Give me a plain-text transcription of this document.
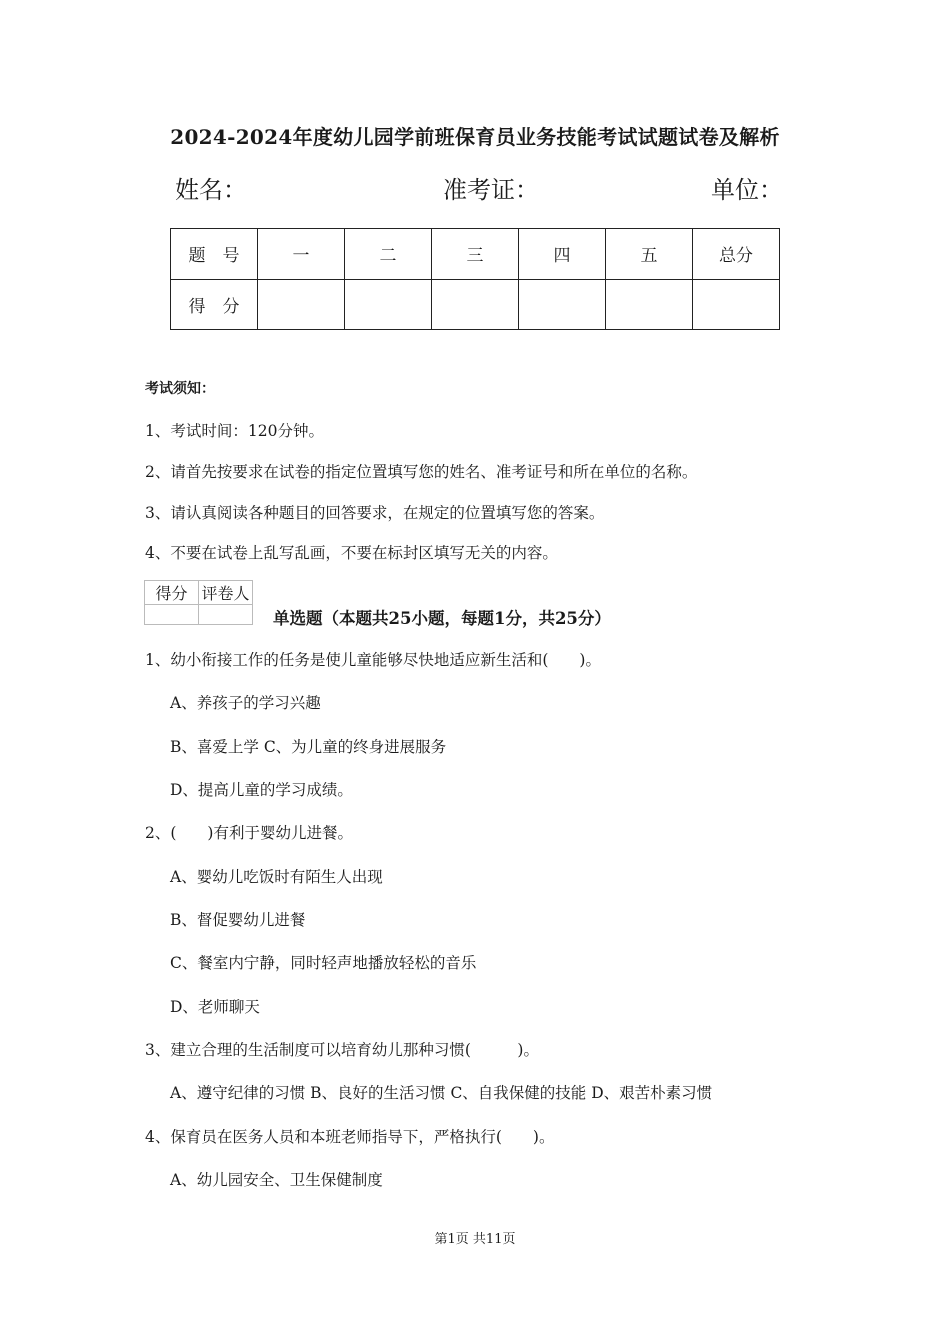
2024-2024年度幼儿园学前班保育员业务技能考试试题试卷及解析
姓名：	准考证：	单位：
题　号	一	二	三	四	五	总分
得　分						
考试须知：
1、考试时间：120分钟。
2、请首先按要求在试卷的指定位置填写您的姓名、准考证号和所在单位的名称。
3、请认真阅读各种题目的回答要求，在规定的位置填写您的答案。
4、不要在试卷上乱写乱画，不要在标封区填写无关的内容。
得分	评卷人

单选题（本题共25小题，每题1分，共25分）
1、幼小衔接工作的任务是使儿童能够尽快地适应新生活和(　　)。
A、养孩子的学习兴趣
B、喜爱上学 C、为儿童的终身进展服务
D、提高儿童的学习成绩。
2、(　　)有利于婴幼儿进餐。
A、婴幼儿吃饭时有陌生人出现
B、督促婴幼儿进餐
C、餐室内宁静，同时轻声地播放轻松的音乐
D、老师聊天
3、建立合理的生活制度可以培育幼儿那种习惯(　　　)。
A、遵守纪律的习惯 B、良好的生活习惯 C、自我保健的技能 D、艰苦朴素习惯
4、保育员在医务人员和本班老师指导下，严格执行(　　)。
A、幼儿园安全、卫生保健制度
第1页 共11页
